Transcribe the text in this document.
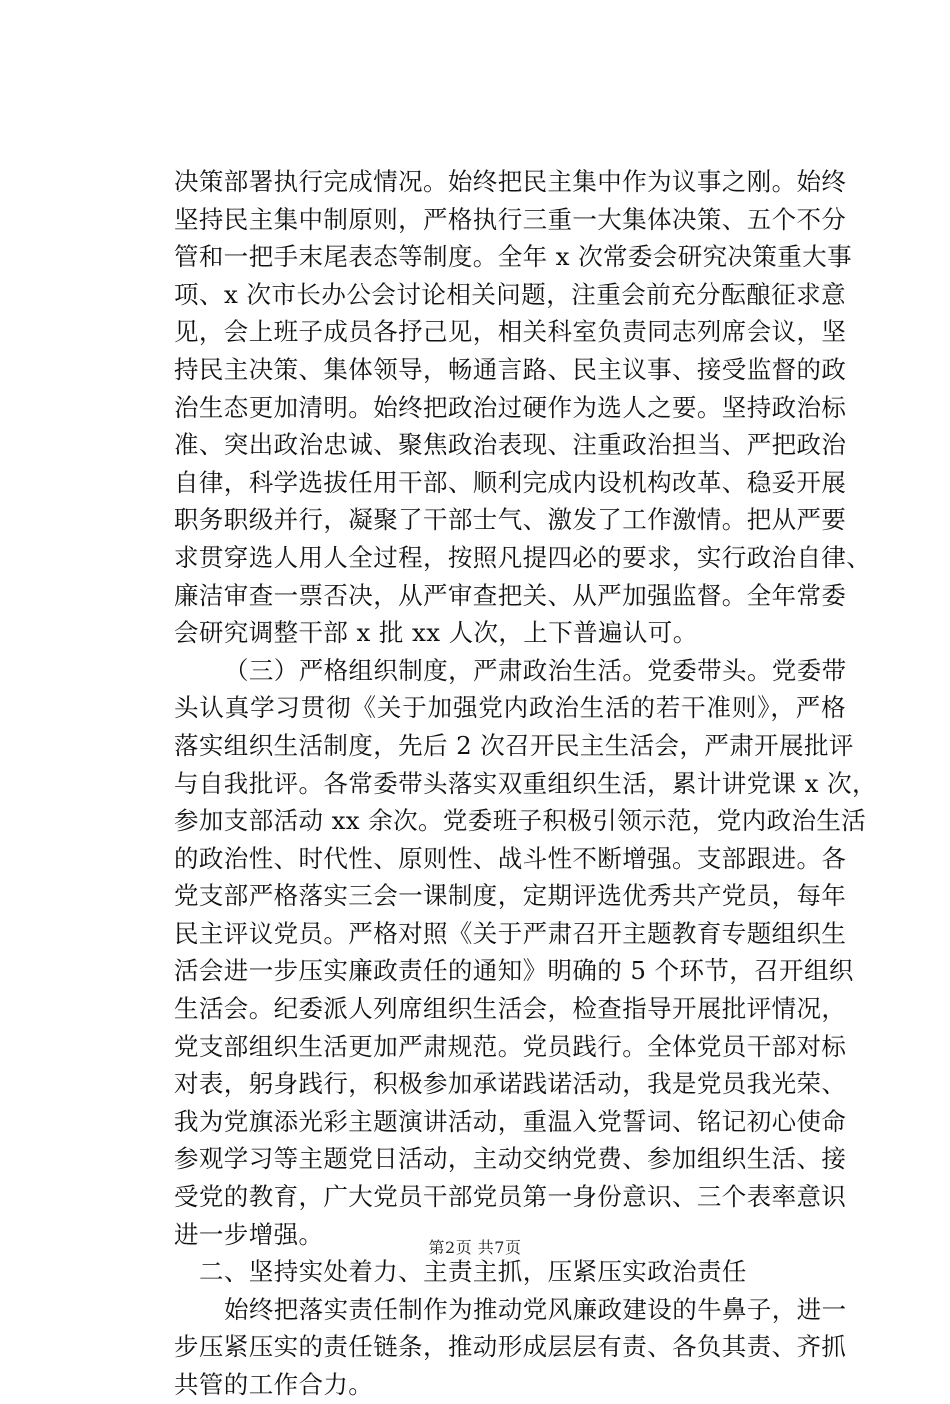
决策部署执行完成情况。始终把民主集中作为议事之刚。始终
坚持民主集中制原则，严格执行三重一大集体决策、五个不分
管和一把手末尾表态等制度。全年 x 次常委会研究决策重大事
项、x 次市长办公会讨论相关问题，注重会前充分酝酿征求意
见，会上班子成员各抒己见，相关科室负责同志列席会议，坚
持民主决策、集体领导，畅通言路、民主议事、接受监督的政
治生态更加清明。始终把政治过硬作为选人之要。坚持政治标
准、突出政治忠诚、聚焦政治表现、注重政治担当、严把政治
自律，科学选拔任用干部、顺利完成内设机构改革、稳妥开展
职务职级并行，凝聚了干部士气、激发了工作激情。把从严要
求贯穿选人用人全过程，按照凡提四必的要求，实行政治自律、
廉洁审查一票否决，从严审查把关、从严加强监督。全年常委
会研究调整干部 x 批 xx 人次，上下普遍认可。
（三）严格组织制度，严肃政治生活。党委带头。党委带
头认真学习贯彻《关于加强党内政治生活的若干准则》，严格
落实组织生活制度，先后 2 次召开民主生活会，严肃开展批评
与自我批评。各常委带头落实双重组织生活，累计讲党课 x 次，
参加支部活动 xx 余次。党委班子积极引领示范，党内政治生活
的政治性、时代性、原则性、战斗性不断增强。支部跟进。各
党支部严格落实三会一课制度，定期评选优秀共产党员，每年
民主评议党员。严格对照《关于严肃召开主题教育专题组织生
活会进一步压实廉政责任的通知》明确的 5 个环节，召开组织
生活会。纪委派人列席组织生活会，检查指导开展批评情况，
党支部组织生活更加严肃规范。党员践行。全体党员干部对标
对表，躬身践行，积极参加承诺践诺活动，我是党员我光荣、
我为党旗添光彩主题演讲活动，重温入党誓词、铭记初心使命
参观学习等主题党日活动，主动交纳党费、参加组织生活、接
受党的教育，广大党员干部党员第一身份意识、三个表率意识
进一步增强。
二、坚持实处着力、主责主抓，压紧压实政治责任
始终把落实责任制作为推动党风廉政建设的牛鼻子，进一
步压紧压实的责任链条，推动形成层层有责、各负其责、齐抓
共管的工作合力。
第2页 共7页
